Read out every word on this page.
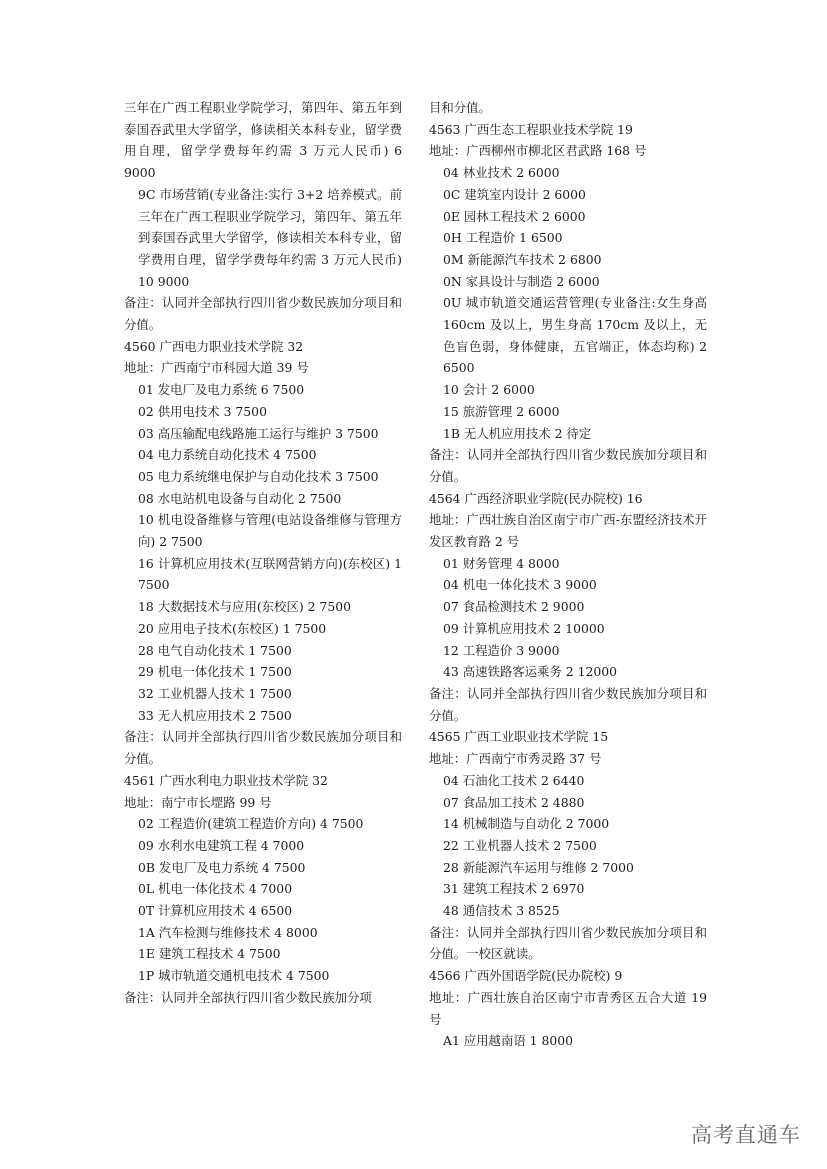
三年在广西工程职业学院学习，第四年、第五年到泰国吞武里大学留学，修读相关本科专业，留学费用自理，留学学费每年约需 3 万元人民币) 6 9000

9C 市场营销(专业备注:实行 3+2 培养模式。前三年在广西工程职业学院学习，第四年、第五年到泰国吞武里大学留学，修读相关本科专业，留学费用自理，留学学费每年约需 3 万元人民币) 10 9000

备注：认同并全部执行四川省少数民族加分项目和分值。

4560 广西电力职业技术学院 32

地址：广西南宁市科园大道 39 号

01 发电厂及电力系统 6 7500

02 供用电技术 3 7500

03 高压输配电线路施工运行与维护 3 7500

04 电力系统自动化技术 4 7500

05 电力系统继电保护与自动化技术 3 7500

08 水电站机电设备与自动化 2 7500

10 机电设备维修与管理(电站设备维修与管理方向) 2 7500

16 计算机应用技术(互联网营销方向)(东校区) 1 7500

18 大数据技术与应用(东校区) 2 7500

20 应用电子技术(东校区) 1 7500

28 电气自动化技术 1 7500

29 机电一体化技术 1 7500

32 工业机器人技术 1 7500

33 无人机应用技术 2 7500

备注：认同并全部执行四川省少数民族加分项目和分值。

4561 广西水利电力职业技术学院 32

地址：南宁市长堽路 99 号

02 工程造价(建筑工程造价方向) 4 7500

09 水利水电建筑工程 4 7000

0B 发电厂及电力系统 4 7500

0L 机电一体化技术 4 7000

0T 计算机应用技术 4 6500

1A 汽车检测与维修技术 4 8000

1E 建筑工程技术 4 7500

1P 城市轨道交通机电技术 4 7500

备注：认同并全部执行四川省少数民族加分项

目和分值。

4563 广西生态工程职业技术学院 19

地址：广西柳州市柳北区君武路 168 号

04 林业技术 2 6000

0C 建筑室内设计 2 6000

0E 园林工程技术 2 6000

0H 工程造价 1 6500

0M 新能源汽车技术 2 6800

0N 家具设计与制造 2 6000

0U 城市轨道交通运营管理(专业备注:女生身高 160cm 及以上，男生身高 170cm 及以上，无色盲色弱，身体健康，五官端正，体态均称) 2 6500

10 会计 2 6000

15 旅游管理 2 6000

1B 无人机应用技术 2 待定

备注：认同并全部执行四川省少数民族加分项目和分值。

4564 广西经济职业学院(民办院校) 16

地址：广西壮族自治区南宁市广西-东盟经济技术开发区教育路 2 号

01 财务管理 4 8000

04 机电一体化技术 3 9000

07 食品检测技术 2 9000

09 计算机应用技术 2 10000

12 工程造价 3 9000

43 高速铁路客运乘务 2 12000

备注：认同并全部执行四川省少数民族加分项目和分值。

4565 广西工业职业技术学院 15

地址：广西南宁市秀灵路 37 号

04 石油化工技术 2 6440

07 食品加工技术 2 4880

14 机械制造与自动化 2 7000

22 工业机器人技术 2 7500

28 新能源汽车运用与维修 2 7000

31 建筑工程技术 2 6970

48 通信技术 3 8525

备注：认同并全部执行四川省少数民族加分项目和分值。一校区就读。

4566 广西外国语学院(民办院校) 9

地址：广西壮族自治区南宁市青秀区五合大道 19 号

A1 应用越南语 1 8000

高考直通车
